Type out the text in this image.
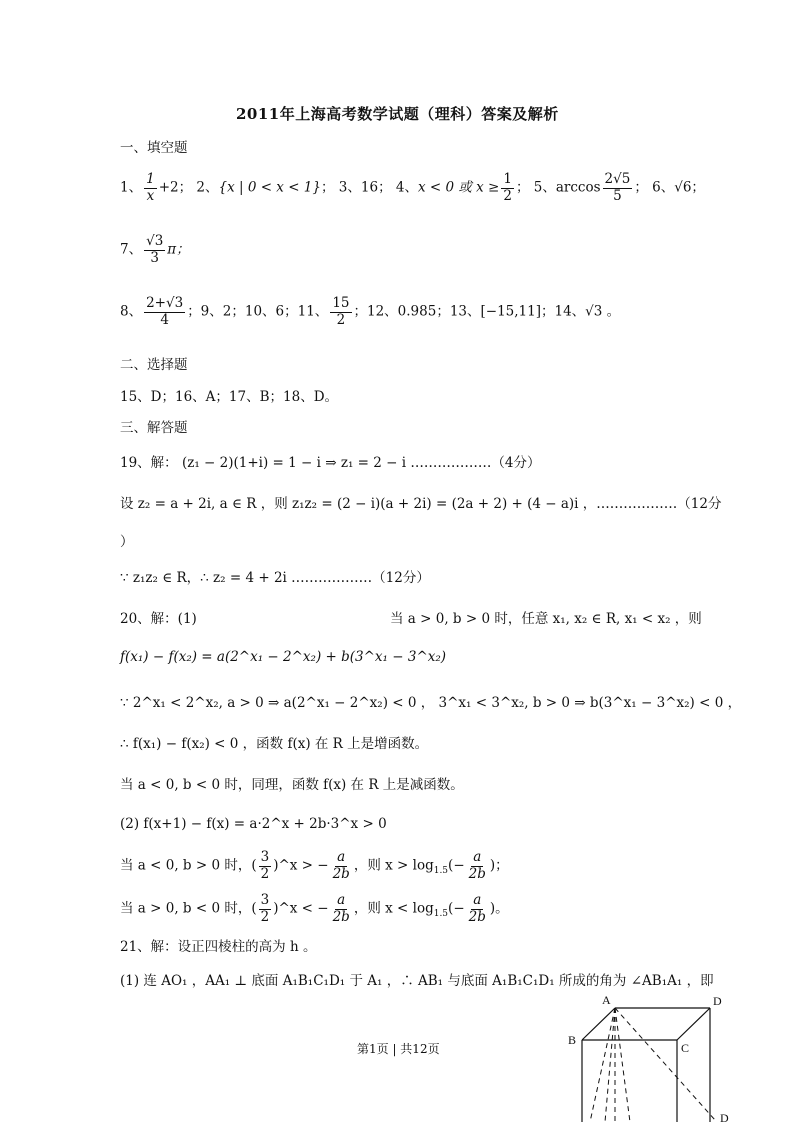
2011年上海高考数学试题（理科）答案及解析
一、填空题
1、 $\frac{1}{x} +2$； 2、{x | 0 < x < 1}； 3、16； 4、x < 0 或 $x \ge \frac{1}{2}$ ； 5、$\arccos \frac{2√5}{5}$ ； 6、√6；
7、 $\frac{√3}{3}$ π；
8、 $\frac{2+√3}{4}$ ；9、2；10、6；11、 $\frac{15}{2}$ ；12、0.985；13、[−15,11]；14、√3 。
二、选择题
15、D；16、A；17、B；18、D。
三、解答题
19、解： (z₁ − 2)(1+i) = 1 − i ⇒ z₁ = 2 − i ………………（4分）
设 z₂ = a + 2i, a ∈ R ，则 z₁z₂ = (2 − i)(a + 2i) = (2a + 2) + (4 − a)i ，………………（12分
）
∵ z₁z₂ ∈ R，∴ z₂ = 4 + 2i ………………（12分）
20、解：(1)	当 a > 0, b > 0 时，任意 x₁, x₂ ∈ R, x₁ < x₂ ，则
f(x₁) − f(x₂) = a(2^x₁ − 2^x₂) + b(3^x₁ − 3^x₂)
∵ 2^x₁ < 2^x₂, a > 0 ⇒ a(2^x₁ − 2^x₂) < 0 ， 3^x₁ < 3^x₂, b > 0 ⇒ b(3^x₁ − 3^x₂) < 0 ，
∴ f(x₁) − f(x₂) < 0 ，函数 f(x) 在 R 上是增函数。
当 a < 0, b < 0 时，同理，函数 f(x) 在 R 上是减函数。
(2) f(x+1) − f(x) = a·2^x + 2b·3^x > 0
当 a < 0, b > 0 时，( $\frac{3}{2}$ )^x > − $\frac{a}{2b}$ ，则 $x > \log_{1.5}(- \frac{a}{2b}$ )；
当 a > 0, b < 0 时，( $\frac{3}{2}$ )^x < − $\frac{a}{2b}$ ，则 $x < \log_{1.5}(- \frac{a}{2b}$ )。
21、解：设正四棱柱的高为 h 。
(1) 连 AO₁ ，AA₁ ⊥ 底面 A₁B₁C₁D₁ 于 A₁ ，∴ AB₁ 与底面 A₁B₁C₁D₁ 所成的角为 ∠AB₁A₁ ，即
A	D
B
C
D
第1页 | 共12页
